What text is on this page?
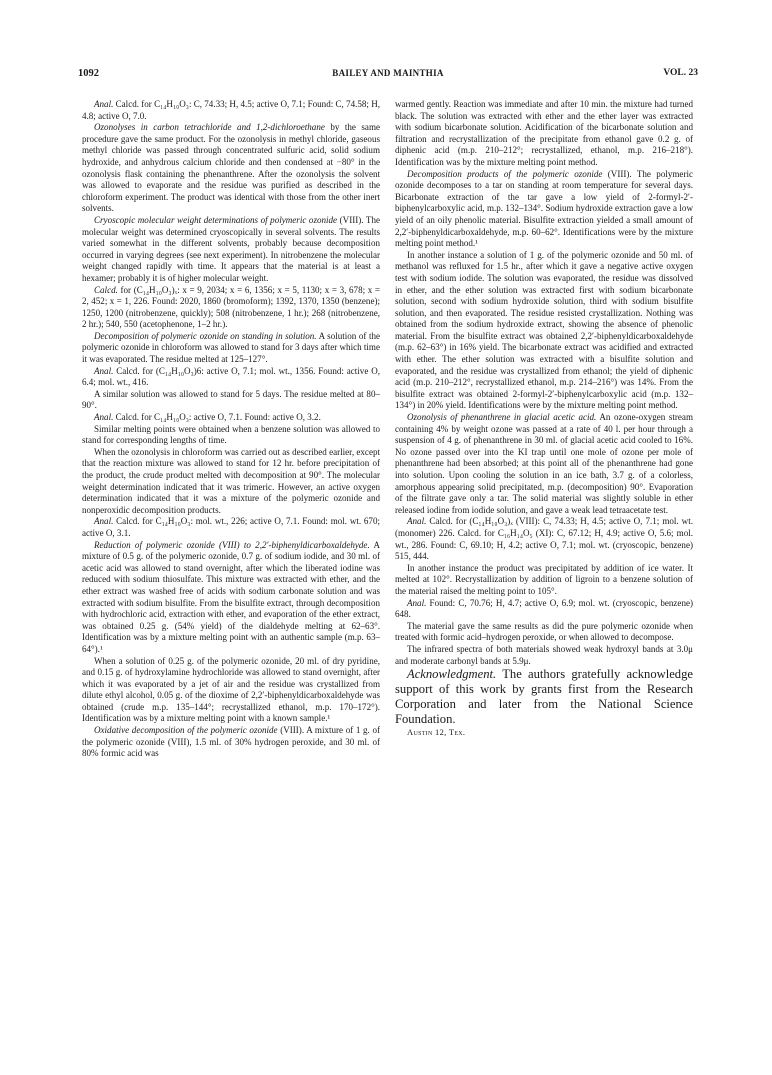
1092	BAILEY AND MAINTHIA	VOL. 23

Anal. Calcd. for C₁₄H₁₀O₃: C, 74.33; H, 4.5; active O, 7.1; Found: C, 74.58; H, 4.8; active O, 7.0.

Ozonolyses in carbon tetrachloride and 1,2-dichloroethane by the same procedure gave the same product. For the ozonolysis in methyl chloride, gaseous methyl chloride was passed through concentrated sulfuric acid, solid sodium hydroxide, and anhydrous calcium chloride and then condensed at −80° in the ozonolysis flask containing the phenanthrene. After the ozonolysis the solvent was allowed to evaporate and the residue was purified as described in the chloroform experiment. The product was identical with those from the other inert solvents.

Cryoscopic molecular weight determinations of polymeric ozonide (VIII). The molecular weight was determined cryoscopically in several solvents. The results varied somewhat in the different solvents, probably because decomposition occurred in varying degrees (see next experiment). In nitrobenzene the molecular weight changed rapidly with time. It appears that the material is at least a hexamer; probably it is of higher molecular weight.

Calcd. for (C₁₄H₁₀O₃)ₓ: x = 9, 2034; x = 6, 1356; x = 5, 1130; x = 3, 678; x = 2, 452; x = 1, 226. Found: 2020, 1860 (bromoform); 1392, 1370, 1350 (benzene); 1250, 1200 (nitrobenzene, quickly); 508 (nitrobenzene, 1 hr.); 268 (nitrobenzene, 2 hr.); 540, 550 (acetophenone, 1–2 hr.).

Decomposition of polymeric ozonide on standing in solution. A solution of the polymeric ozonide in chloroform was allowed to stand for 3 days after which time it was evaporated. The residue melted at 125–127°.

Anal. Calcd. for (C₁₄H₁₀O₃)6: active O, 7.1; mol. wt., 1356. Found: active O, 6.4; mol. wt., 416.

A similar solution was allowed to stand for 5 days. The residue melted at 80–90°.

Anal. Calcd. for C₁₄H₁₀O₃: active O, 7.1. Found: active O, 3.2.

Similar melting points were obtained when a benzene solution was allowed to stand for corresponding lengths of time.

When the ozonolysis in chloroform was carried out as described earlier, except that the reaction mixture was allowed to stand for 12 hr. before precipitation of the product, the crude product melted with decomposition at 90°. The molecular weight determination indicated that it was trimeric. However, an active oxygen determination indicated that it was a mixture of the polymeric ozonide and nonperoxidic decomposition products.

Anal. Calcd. for C₁₄H₁₀O₃: mol. wt., 226; active O, 7.1. Found: mol. wt. 670; active O, 3.1.

Reduction of polymeric ozonide (VIII) to 2,2′-biphenyldicarboxaldehyde. A mixture of 0.5 g. of the polymeric ozonide, 0.7 g. of sodium iodide, and 30 ml. of acetic acid was allowed to stand overnight, after which the liberated iodine was reduced with sodium thiosulfate. This mixture was extracted with ether, and the ether extract was washed free of acids with sodium carbonate solution and was extracted with sodium bisulfite. From the bisulfite extract, through decomposition with hydrochloric acid, extraction with ether, and evaporation of the ether extract, was obtained 0.25 g. (54% yield) of the dialdehyde melting at 62–63°. Identification was by a mixture melting point with an authentic sample (m.p. 63–64°).¹

When a solution of 0.25 g. of the polymeric ozonide, 20 ml. of dry pyridine, and 0.15 g. of hydroxylamine hydrochloride was allowed to stand overnight, after which it was evaporated by a jet of air and the residue was crystallized from dilute ethyl alcohol, 0.05 g. of the dioxime of 2,2′-biphenyldicarboxaldehyde was obtained (crude m.p. 135–144°; recrystallized ethanol, m.p. 170–172°). Identification was by a mixture melting point with a known sample.¹

Oxidative decomposition of the polymeric ozonide (VIII). A mixture of 1 g. of the polymeric ozonide (VIII), 1.5 ml. of 30% hydrogen peroxide, and 30 ml. of 80% formic acid was

warmed gently. Reaction was immediate and after 10 min. the mixture had turned black. The solution was extracted with ether and the ether layer was extracted with sodium bicarbonate solution. Acidification of the bicarbonate solution and filtration and recrystallization of the precipitate from ethanol gave 0.2 g. of diphenic acid (m.p. 210–212°; recrystallized, ethanol, m.p. 216–218°). Identification was by the mixture melting point method.

Decomposition products of the polymeric ozonide (VIII). The polymeric ozonide decomposes to a tar on standing at room temperature for several days. Bicarbonate extraction of the tar gave a low yield of 2-formyl-2′-biphenylcarboxylic acid, m.p. 132–134°. Sodium hydroxide extraction gave a low yield of an oily phenolic material. Bisulfite extraction yielded a small amount of 2,2′-biphenyldicarboxaldehyde, m.p. 60–62°. Identifications were by the mixture melting point method.¹

In another instance a solution of 1 g. of the polymeric ozonide and 50 ml. of methanol was refluxed for 1.5 hr., after which it gave a negative active oxygen test with sodium iodide. The solution was evaporated, the residue was dissolved in ether, and the ether solution was extracted first with sodium bicarbonate solution, second with sodium hydroxide solution, third with sodium bisulfite solution, and then evaporated. The residue resisted crystallization. Nothing was obtained from the sodium hydroxide extract, showing the absence of phenolic material. From the bisulfite extract was obtained 2,2′-biphenyldicarboxaldehyde (m.p. 62–63°) in 16% yield. The bicarbonate extract was acidified and extracted with ether. The ether solution was extracted with a bisulfite solution and evaporated, and the residue was crystallized from ethanol; the yield of diphenic acid (m.p. 210–212°, recrystallized ethanol, m.p. 214–216°) was 14%. From the bisulfite extract was obtained 2-formyl-2′-biphenylcarboxylic acid (m.p. 132–134°) in 20% yield. Identifications were by the mixture melting point method.

Ozonolysis of phenanthrene in glacial acetic acid. An ozone-oxygen stream containing 4% by weight ozone was passed at a rate of 40 l. per hour through a suspension of 4 g. of phenanthrene in 30 ml. of glacial acetic acid cooled to 16%. No ozone passed over into the KI trap until one mole of ozone per mole of phenanthrene had been absorbed; at this point all of the phenanthrene had gone into solution. Upon cooling the solution in an ice bath, 3.7 g. of a colorless, amorphous appearing solid precipitated, m.p. (decomposition) 90°. Evaporation of the filtrate gave only a tar. The solid material was slightly soluble in ether released iodine from iodide solution, and gave a weak lead tetraacetate test.

Anal. Calcd. for (C₁₄H₁₀O₃)ₓ (VIII): C, 74.33; H, 4.5; active O, 7.1; mol. wt. (monomer) 226. Calcd. for C₁₆H₁₄O₅ (XI): C, 67.12; H, 4.9; active O, 5.6; mol. wt., 286. Found: C, 69.10; H, 4.2; active O, 7.1; mol. wt. (cryoscopic, benzene) 515, 444.

In another instance the product was precipitated by addition of ice water. It melted at 102°. Recrystallization by addition of ligroin to a benzene solution of the material raised the melting point to 105°.

Anal. Found: C, 70.76; H, 4.7; active O, 6.9; mol. wt. (cryoscopic, benzene) 648.

The material gave the same results as did the pure polymeric ozonide when treated with formic acid–hydrogen peroxide, or when allowed to decompose.

The infrared spectra of both materials showed weak hydroxyl bands at 3.0μ and moderate carbonyl bands at 5.9μ.

Acknowledgment. The authors gratefully acknowledge support of this work by grants first from the Research Corporation and later from the National Science Foundation.

Austin 12, Tex.
